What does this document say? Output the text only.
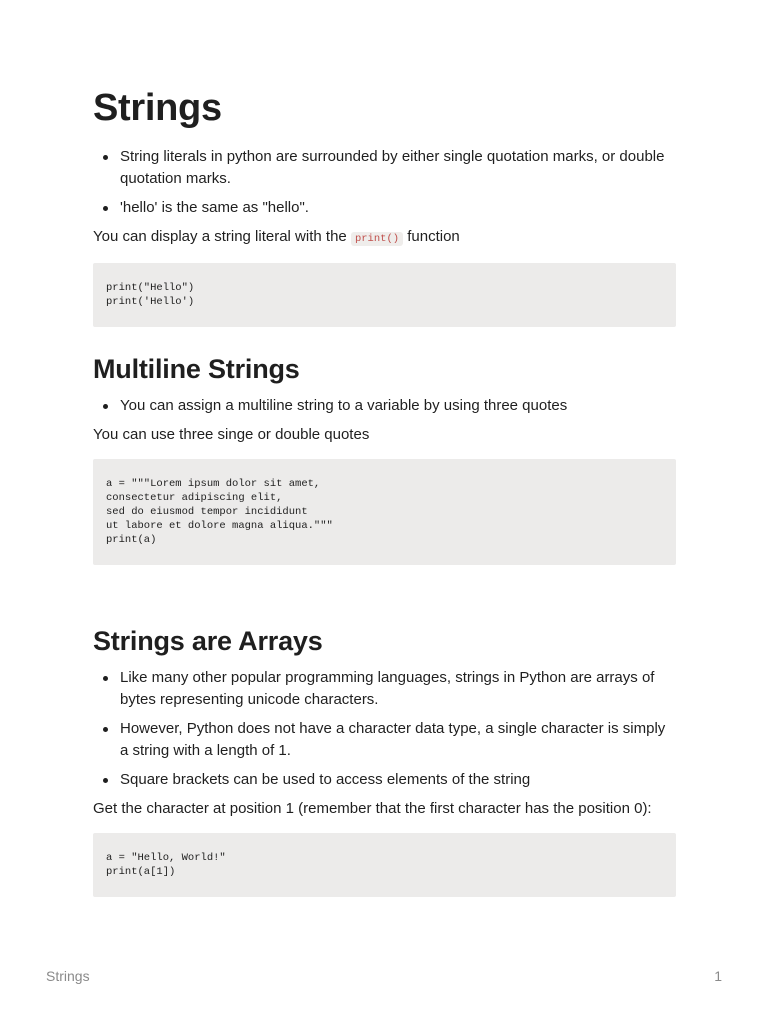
Strings
String literals in python are surrounded by either single quotation marks, or double quotation marks.
'hello' is the same as "hello".

You can display a string literal with the print() function

print("Hello")
print('Hello')
Multiline Strings
You can assign a multiline string to a variable by using three quotes

You can use three singe or double quotes

a = """Lorem ipsum dolor sit amet,
consectetur adipiscing elit,
sed do eiusmod tempor incididunt
ut labore et dolore magna aliqua."""
print(a)
Strings are Arrays
Like many other popular programming languages, strings in Python are arrays of bytes representing unicode characters.
However, Python does not have a character data type, a single character is simply a string with a length of 1.
Square brackets can be used to access elements of the string

Get the character at position 1 (remember that the first character has the position 0):

a = "Hello, World!"
print(a[1])
Strings	1
